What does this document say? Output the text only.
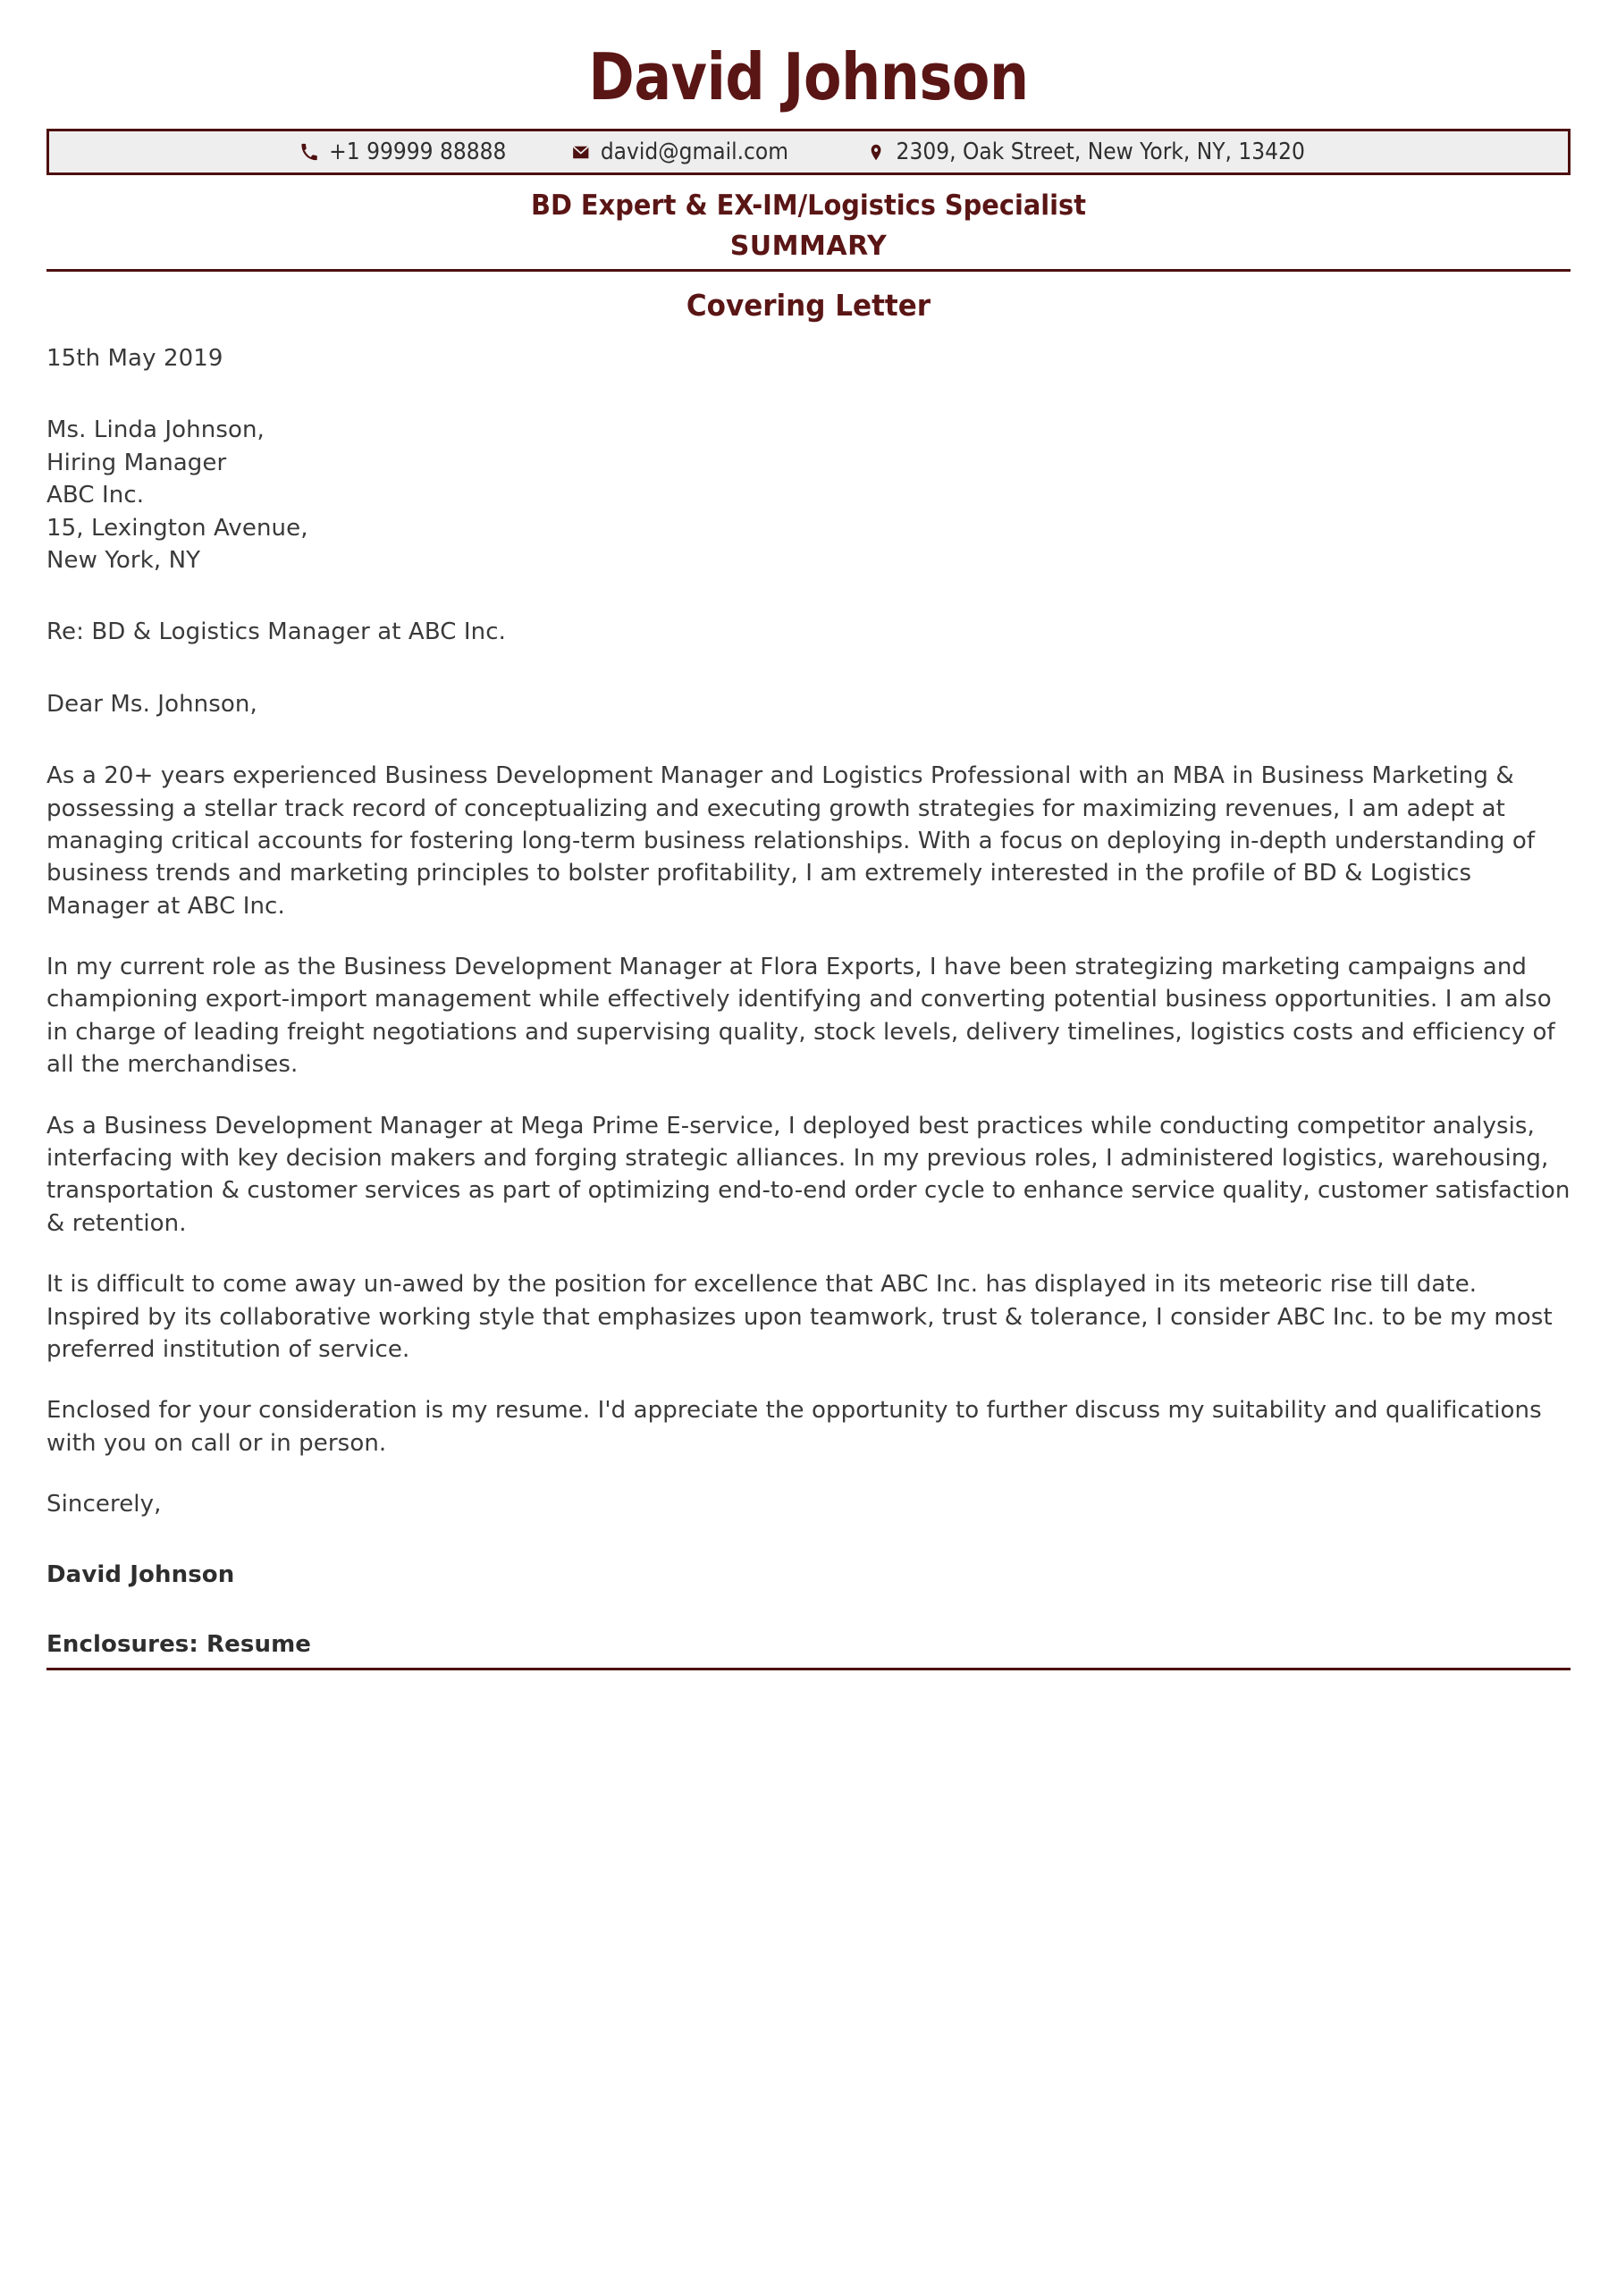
David Johnson
+1 99999 88888	david@gmail.com	2309, Oak Street, New York, NY, 13420
BD Expert & EX-IM/Logistics Specialist
SUMMARY
Covering Letter
15th May 2019
Ms. Linda Johnson,
Hiring Manager
ABC Inc.
15, Lexington Avenue,
New York, NY
Re: BD & Logistics Manager at ABC Inc.
Dear Ms. Johnson,

As a 20+ years experienced Business Development Manager and Logistics Professional with an MBA in Business Marketing & possessing a stellar track record of conceptualizing and executing growth strategies for maximizing revenues, I am adept at managing critical accounts for fostering long-term business relationships. With a focus on deploying in-depth understanding of business trends and marketing principles to bolster profitability, I am extremely interested in the profile of BD & Logistics Manager at ABC Inc.

In my current role as the Business Development Manager at Flora Exports, I have been strategizing marketing campaigns and championing export-import management while effectively identifying and converting potential business opportunities. I am also in charge of leading freight negotiations and supervising quality, stock levels, delivery timelines, logistics costs and efficiency of all the merchandises.

As a Business Development Manager at Mega Prime E-service, I deployed best practices while conducting competitor analysis, interfacing with key decision makers and forging strategic alliances. In my previous roles, I administered logistics, warehousing, transportation & customer services as part of optimizing end-to-end order cycle to enhance service quality, customer satisfaction & retention.

It is difficult to come away un-awed by the position for excellence that ABC Inc. has displayed in its meteoric rise till date. Inspired by its collaborative working style that emphasizes upon teamwork, trust & tolerance, I consider ABC Inc. to be my most preferred institution of service.

Enclosed for your consideration is my resume. I'd appreciate the opportunity to further discuss my suitability and qualifications with you on call or in person.

Sincerely,
David Johnson
Enclosures: Resume
